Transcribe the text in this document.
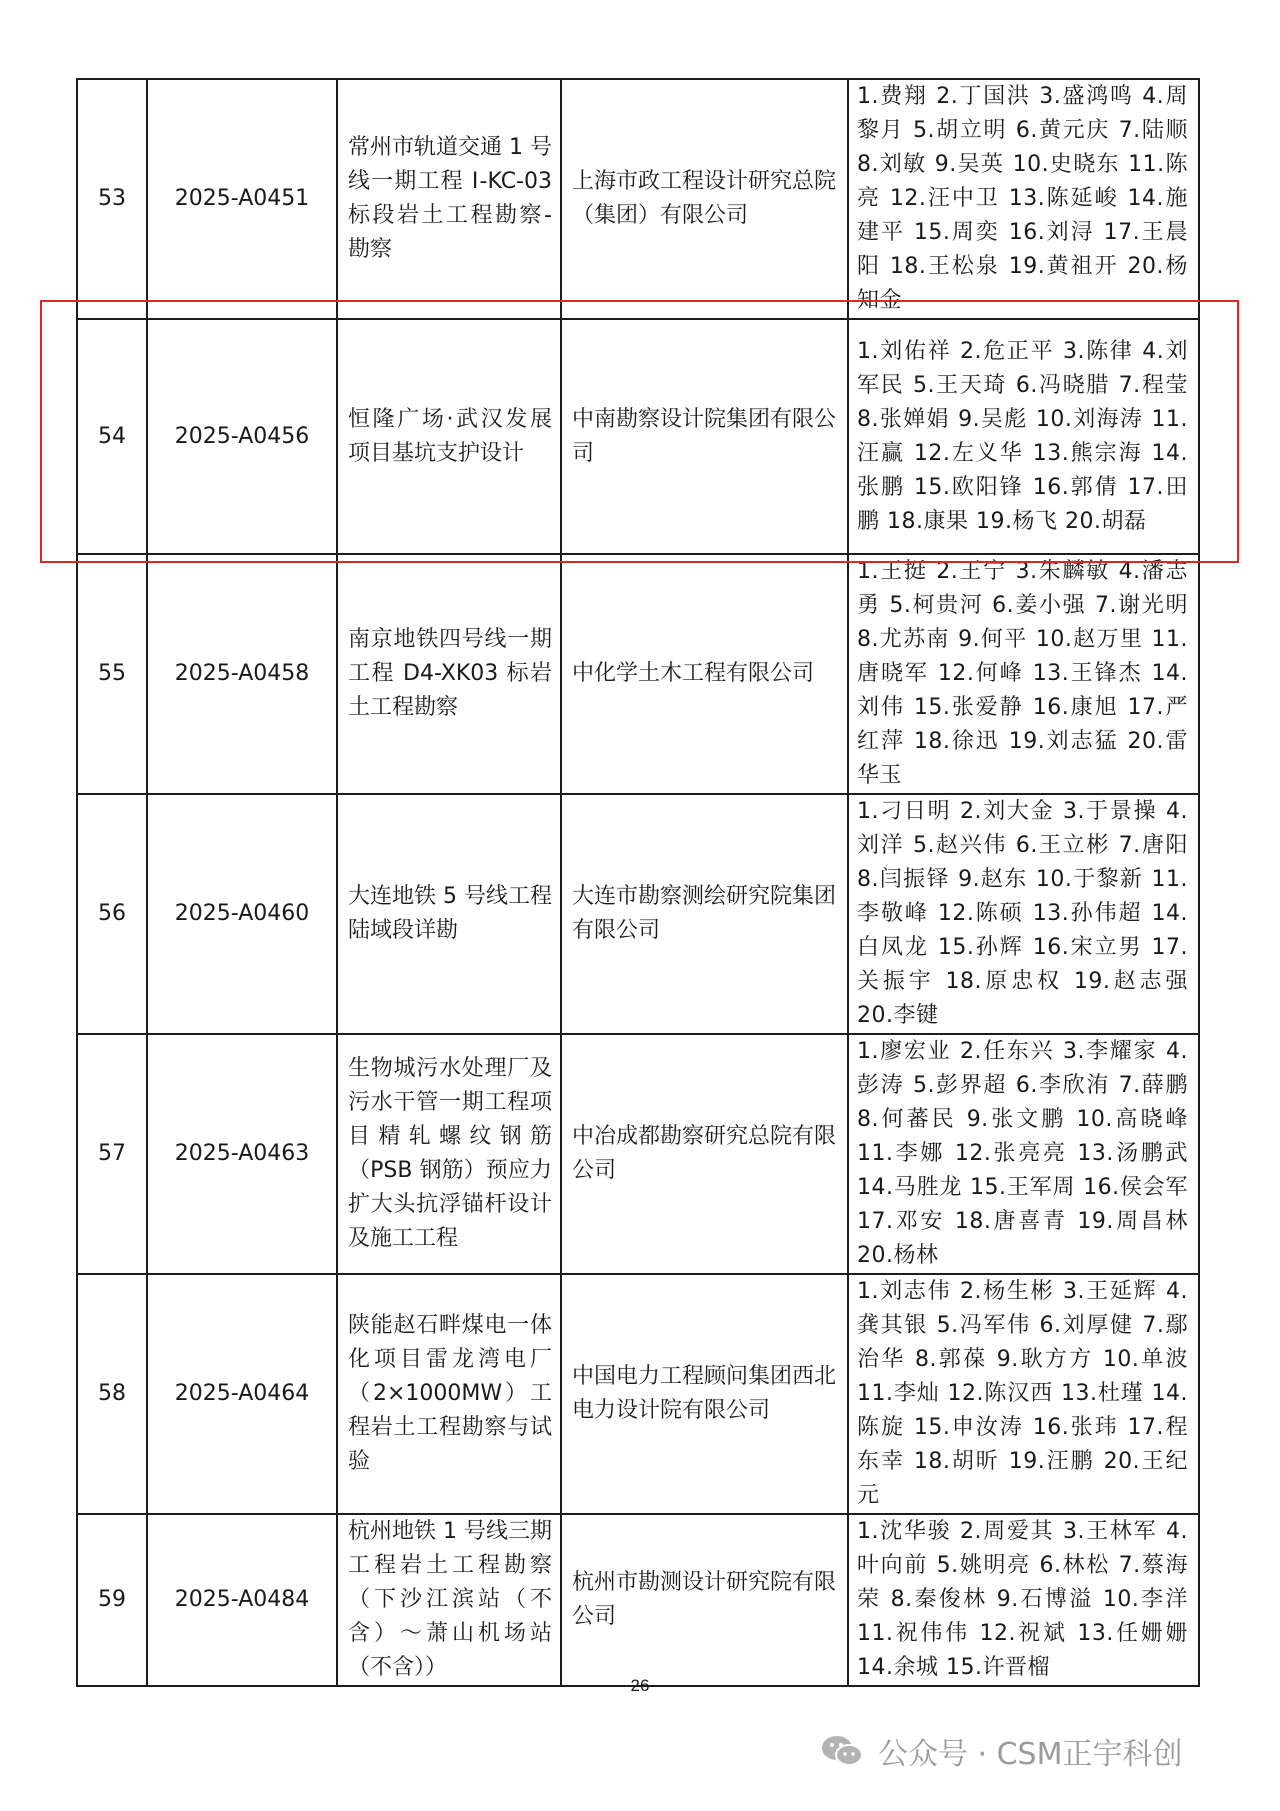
53	2025-A0451	常州市轨道交通 1 号线一期工程 Ⅰ-KC-03 标段岩土工程勘察-勘察	上海市政工程设计研究总院（集团）有限公司	1.费翔 2.丁国洪 3.盛鸿鸣 4.周黎月 5.胡立明 6.黄元庆 7.陆顺 8.刘敏 9.吴英 10.史晓东 11.陈亮 12.汪中卫 13.陈延峻 14.施建平 15.周奕 16.刘浔 17.王晨阳 18.王松泉 19.黄祖开 20.杨知金
54	2025-A0456	恒隆广场·武汉发展项目基坑支护设计	中南勘察设计院集团有限公司	1.刘佑祥 2.危正平 3.陈律 4.刘军民 5.王天琦 6.冯晓腊 7.程莹 8.张婵娟 9.吴彪 10.刘海涛 11.汪赢 12.左义华 13.熊宗海 14.张鹏 15.欧阳锋 16.郭倩 17.田鹏 18.康果 19.杨飞 20.胡磊
55	2025-A0458	南京地铁四号线一期工程 D4-XK03 标岩土工程勘察	中化学土木工程有限公司	1.王挺 2.王宁 3.朱麟敏 4.潘志勇 5.柯贵河 6.姜小强 7.谢光明 8.尤苏南 9.何平 10.赵万里 11.唐晓军 12.何峰 13.王锋杰 14.刘伟 15.张爱静 16.康旭 17.严红萍 18.徐迅 19.刘志猛 20.雷华玉
56	2025-A0460	大连地铁 5 号线工程陆域段详勘	大连市勘察测绘研究院集团有限公司	1.刁日明 2.刘大金 3.于景操 4.刘洋 5.赵兴伟 6.王立彬 7.唐阳 8.闫振铎 9.赵东 10.于黎新 11.李敬峰 12.陈硕 13.孙伟超 14.白凤龙 15.孙辉 16.宋立男 17.关振宇 18.原忠权 19.赵志强 20.李键
57	2025-A0463	生物城污水处理厂及污水干管一期工程项目精轧螺纹钢筋（PSB 钢筋）预应力扩大头抗浮锚杆设计及施工工程	中冶成都勘察研究总院有限公司	1.廖宏业 2.任东兴 3.李耀家 4.彭涛 5.彭界超 6.李欣洧 7.薛鹏 8.何蕃民 9.张文鹏 10.高晓峰 11.李娜 12.张亮亮 13.汤鹏武 14.马胜龙 15.王军周 16.侯会军 17.邓安 18.唐喜青 19.周昌林 20.杨林
58	2025-A0464	陕能赵石畔煤电一体化项目雷龙湾电厂（2×1000MW）工程岩土工程勘察与试验	中国电力工程顾问集团西北电力设计院有限公司	1.刘志伟 2.杨生彬 3.王延辉 4.龚其银 5.冯军伟 6.刘厚健 7.鄢治华 8.郭葆 9.耿方方 10.单波 11.李灿 12.陈汉西 13.杜瑾 14.陈旋 15.申汝涛 16.张玮 17.程东幸 18.胡昕 19.汪鹏 20.王纪元
59	2025-A0484	杭州地铁 1 号线三期工程岩土工程勘察（下沙江滨站（不含）～萧山机场站（不含））	杭州市勘测设计研究院有限公司	1.沈华骏 2.周爱其 3.王林军 4.叶向前 5.姚明亮 6.林松 7.蔡海荣 8.秦俊林 9.石博溢 10.李洋 11.祝伟伟 12.祝斌 13.任姗姗 14.余城 15.许晋榴
26
公众号 · CSM正宇科创
